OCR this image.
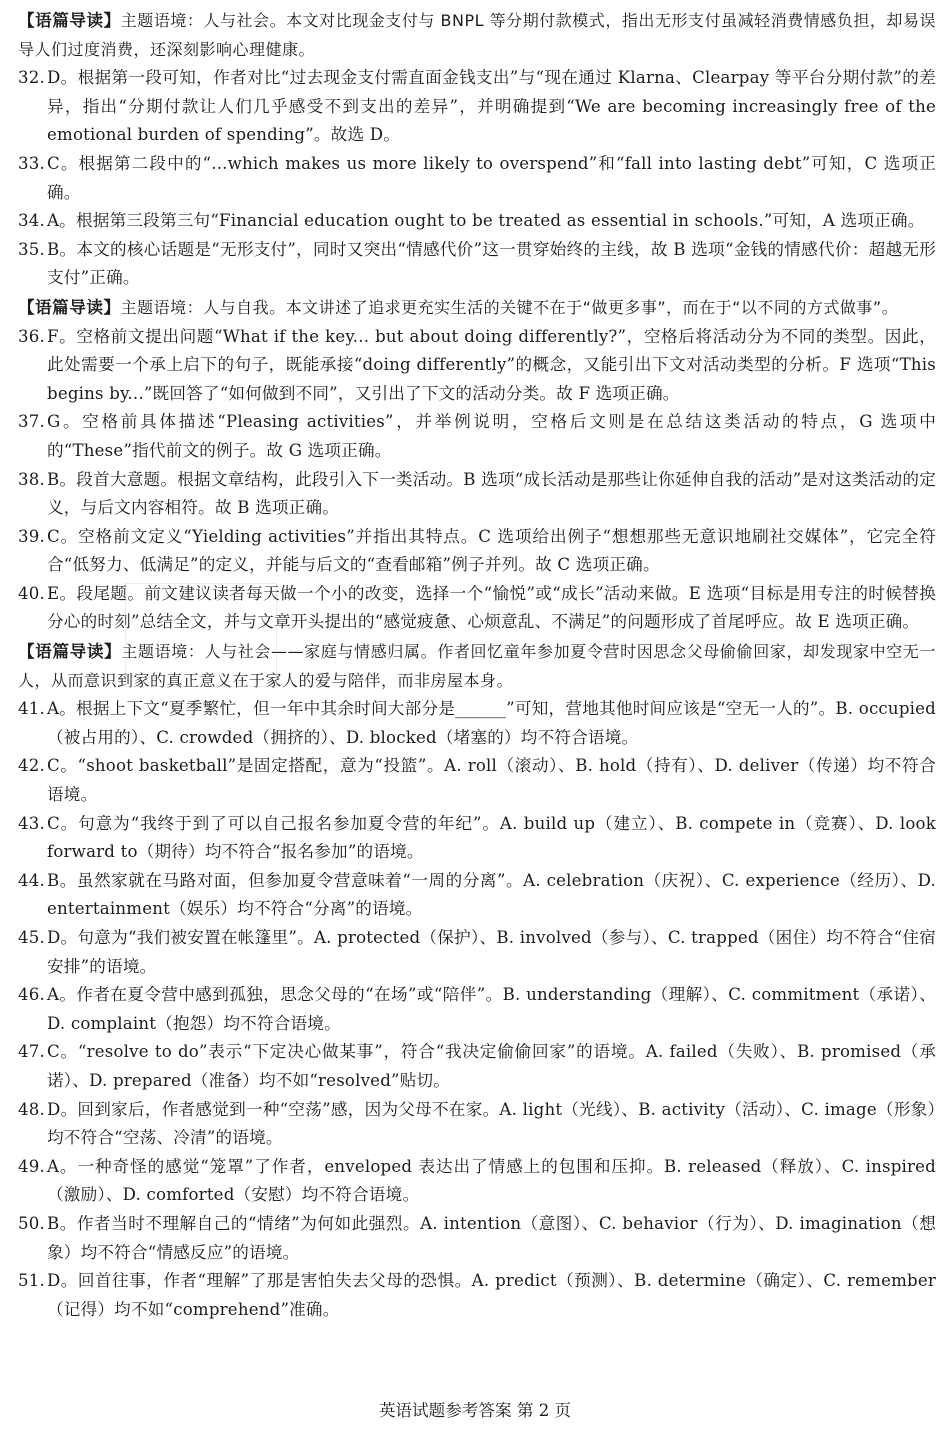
【语篇导读】主题语境：人与社会。本文对比现金支付与 BNPL 等分期付款模式，指出无形支付虽减轻消费情感负担，却易误导人们过度消费，还深刻影响心理健康。

32. D。根据第一段可知，作者对比“过去现金支付需直面金钱支出”与“现在通过 Klarna、Clearpay 等平台分期付款”的差异，指出“分期付款让人们几乎感受不到支出的差异”，并明确提到“We are becoming increasingly free of the emotional burden of spending”。故选 D。

33. C。根据第二段中的“...which makes us more likely to overspend”和“fall into lasting debt”可知，C 选项正确。

34. A。根据第三段第三句“Financial education ought to be treated as essential in schools.”可知，A 选项正确。

35. B。本文的核心话题是“无形支付”，同时又突出“情感代价”这一贯穿始终的主线，故 B 选项“金钱的情感代价：超越无形支付”正确。

【语篇导读】主题语境：人与自我。本文讲述了追求更充实生活的关键不在于“做更多事”，而在于“以不同的方式做事”。

36. F。空格前文提出问题“What if the key... but about doing differently?”，空格后将活动分为不同的类型。因此，此处需要一个承上启下的句子，既能承接“doing differently”的概念，又能引出下文对活动类型的分析。F 选项“This begins by...”既回答了“如何做到不同”，又引出了下文的活动分类。故 F 选项正确。

37. G。空格前具体描述“Pleasing activities”，并举例说明，空格后文则是在总结这类活动的特点，G 选项中的“These”指代前文的例子。故 G 选项正确。

38. B。段首大意题。根据文章结构，此段引入下一类活动。B 选项“成长活动是那些让你延伸自我的活动”是对这类活动的定义，与后文内容相符。故 B 选项正确。

39. C。空格前文定义“Yielding activities”并指出其特点。C 选项给出例子“想想那些无意识地刷社交媒体”，它完全符合“低努力、低满足”的定义，并能与后文的“查看邮箱”例子并列。故 C 选项正确。

40. E。段尾题。前文建议读者每天做一个小的改变，选择一个“愉悦”或“成长”活动来做。E 选项“目标是用专注的时候替换分心的时刻”总结全文，并与文章开头提出的“感觉疲惫、心烦意乱、不满足”的问题形成了首尾呼应。故 E 选项正确。

【语篇导读】主题语境：人与社会——家庭与情感归属。作者回忆童年参加夏令营时因思念父母偷偷回家，却发现家中空无一人，从而意识到家的真正意义在于家人的爱与陪伴，而非房屋本身。

41. A。根据上下文“夏季繁忙，但一年中其余时间大部分是______”可知，营地其他时间应该是“空无一人的”。B. occupied（被占用的）、C. crowded（拥挤的）、D. blocked（堵塞的）均不符合语境。

42. C。“shoot basketball”是固定搭配，意为“投篮”。A. roll（滚动）、B. hold（持有）、D. deliver（传递）均不符合语境。

43. C。句意为“我终于到了可以自己报名参加夏令营的年纪”。A. build up（建立）、B. compete in（竞赛）、D. look forward to（期待）均不符合“报名参加”的语境。

44. B。虽然家就在马路对面，但参加夏令营意味着“一周的分离”。A. celebration（庆祝）、C. experience（经历）、D. entertainment（娱乐）均不符合“分离”的语境。

45. D。句意为“我们被安置在帐篷里”。A. protected（保护）、B. involved（参与）、C. trapped（困住）均不符合“住宿安排”的语境。

46. A。作者在夏令营中感到孤独，思念父母的“在场”或“陪伴”。B. understanding（理解）、C. commitment（承诺）、D. complaint（抱怨）均不符合语境。

47. C。“resolve to do”表示“下定决心做某事”，符合“我决定偷偷回家”的语境。A. failed（失败）、B. promised（承诺）、D. prepared（准备）均不如“resolved”贴切。

48. D。回到家后，作者感觉到一种“空荡”感，因为父母不在家。A. light（光线）、B. activity（活动）、C. image（形象）均不符合“空荡、冷清”的语境。

49. A。一种奇怪的感觉“笼罩”了作者，enveloped 表达出了情感上的包围和压抑。B. released（释放）、C. inspired（激励）、D. comforted（安慰）均不符合语境。

50. B。作者当时不理解自己的“情绪”为何如此强烈。A. intention（意图）、C. behavior（行为）、D. imagination（想象）均不符合“情感反应”的语境。

51. D。回首往事，作者“理解”了那是害怕失去父母的恐惧。A. predict（预测）、B. determine（确定）、C. remember（记得）均不如“comprehend”准确。

英语试题参考答案 第 2 页
